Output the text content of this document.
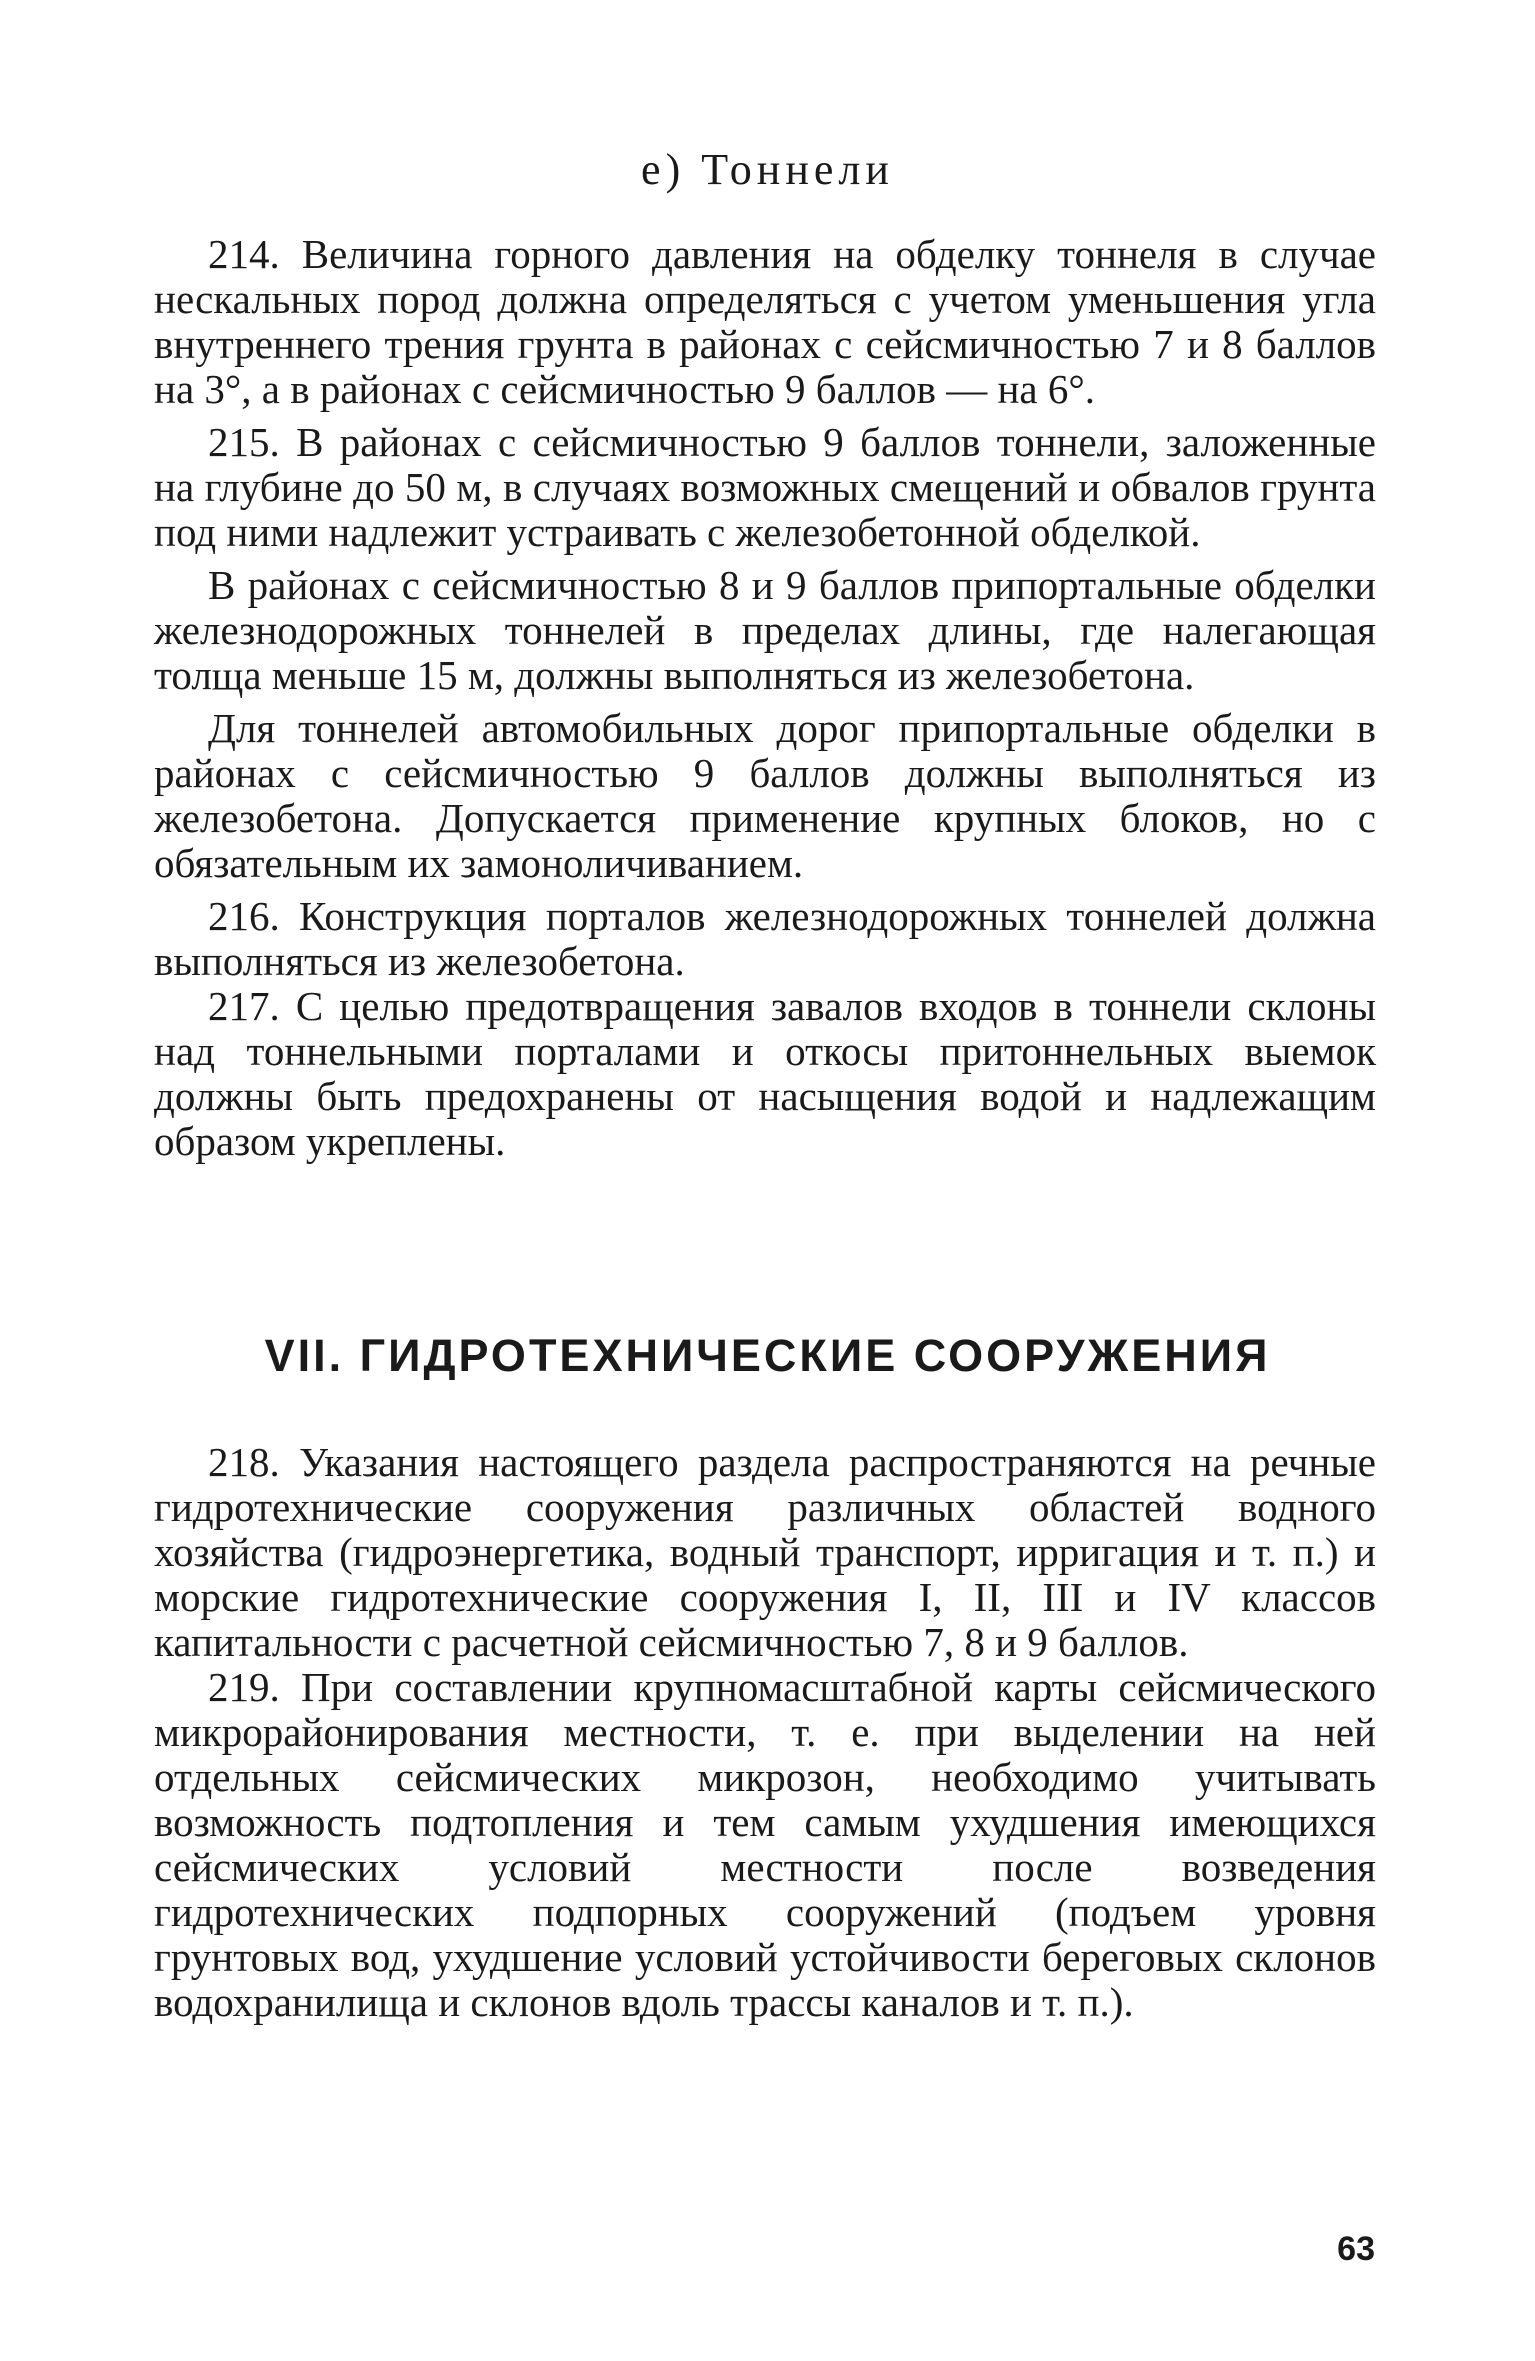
е) Тоннели

214. Величина горного давления на обделку тоннеля в случае нескальных пород должна определяться с учетом уменьшения угла внутреннего трения грунта в районах с сейсмичностью 7 и 8 баллов на 3°, а в районах с сейсмичностью 9 баллов — на 6°.

215. В районах с сейсмичностью 9 баллов тоннели, заложенные на глубине до 50 м, в случаях возможных смещений и обвалов грунта под ними надлежит устраивать с железобетонной обделкой.

В районах с сейсмичностью 8 и 9 баллов припортальные обделки железнодорожных тоннелей в пределах длины, где налегающая толща меньше 15 м, должны выполняться из железобетона.

Для тоннелей автомобильных дорог припортальные обделки в районах с сейсмичностью 9 баллов должны выполняться из железобетона. Допускается применение крупных блоков, но с обязательным их замоноличиванием.

216. Конструкция порталов железнодорожных тоннелей должна выполняться из железобетона.

217. С целью предотвращения завалов входов в тоннели склоны над тоннельными порталами и откосы притоннельных выемок должны быть предохранены от насыщения водой и надлежащим образом укреплены.

VII. ГИДРОТЕХНИЧЕСКИЕ СООРУЖЕНИЯ

218. Указания настоящего раздела распространяются на речные гидротехнические сооружения различных областей водного хозяйства (гидроэнергетика, водный транспорт, ирригация и т. п.) и морские гидротехнические сооружения I, II, III и IV классов капитальности с расчетной сейсмичностью 7, 8 и 9 баллов.

219. При составлении крупномасштабной карты сейсмического микрорайонирования местности, т. е. при выделении на ней отдельных сейсмических микрозон, необходимо учитывать возможность подтопления и тем самым ухудшения имеющихся сейсмических условий местности после возведения гидротехнических подпорных сооружений (подъем уровня грунтовых вод, ухудшение условий устойчивости береговых склонов водохранилища и склонов вдоль трассы каналов и т. п.).

63
